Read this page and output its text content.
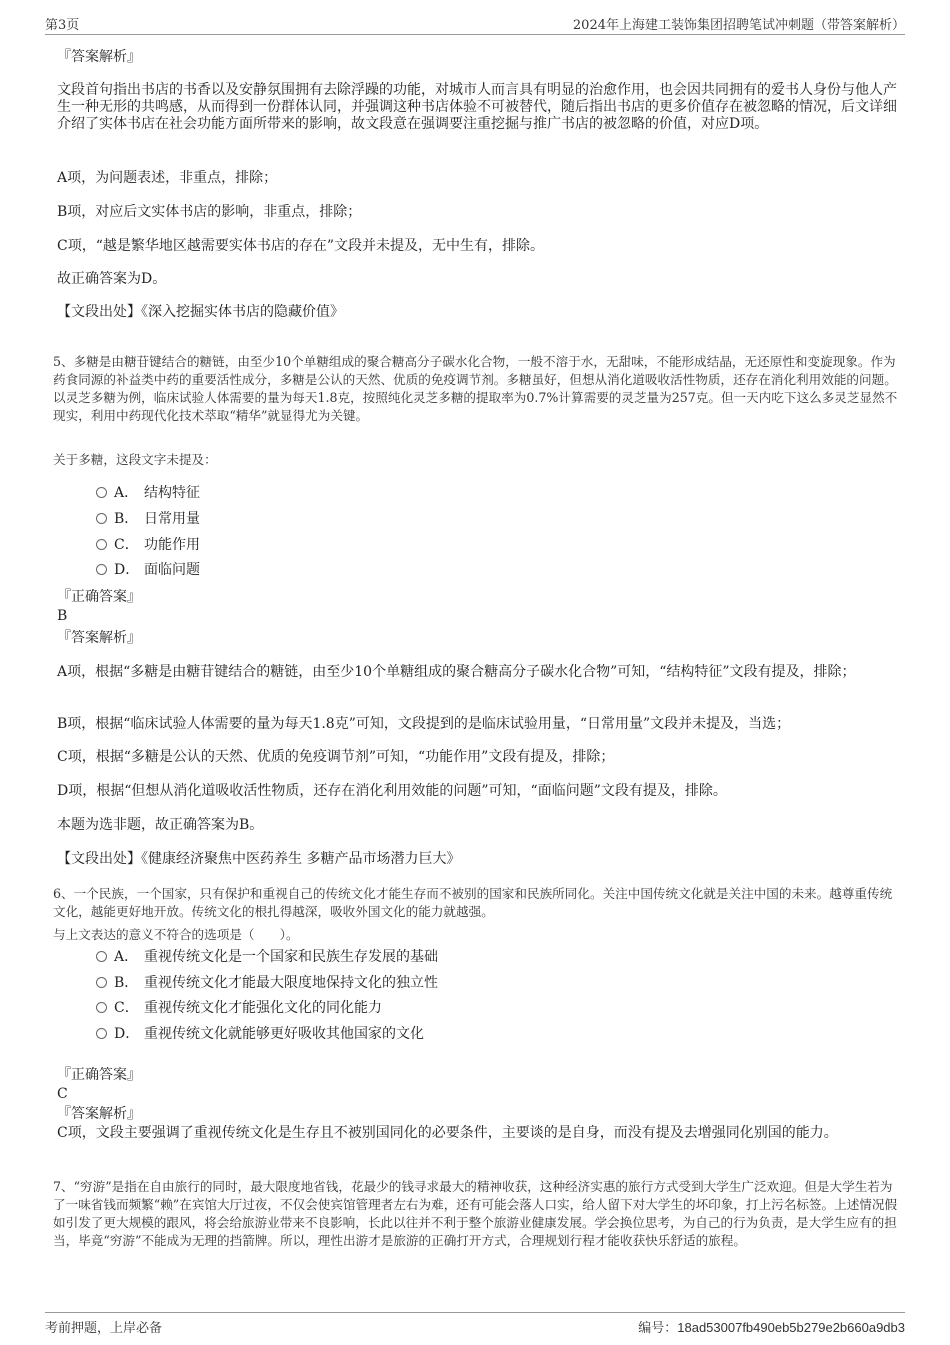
第3页	2024年上海建工装饰集团招聘笔试冲刺题（带答案解析）
『答案解析』
文段首句指出书店的书香以及安静氛围拥有去除浮躁的功能，对城市人而言具有明显的治愈作用，也会因共同拥有的爱书人身份与他人产生一种无形的共鸣感，从而得到一份群体认同，并强调这种书店体验不可被替代，随后指出书店的更多价值存在被忽略的情况，后文详细介绍了实体书店在社会功能方面所带来的影响，故文段意在强调要注重挖掘与推广书店的被忽略的价值，对应D项。
A项，为问题表述，非重点，排除；
B项，对应后文实体书店的影响，非重点，排除；
C项，“越是繁华地区越需要实体书店的存在”文段并未提及，无中生有，排除。
故正确答案为D。
【文段出处】《深入挖掘实体书店的隐藏价值》
5、多糖是由糖苷键结合的糖链，由至少10个单糖组成的聚合糖高分子碳水化合物，一般不溶于水，无甜味，不能形成结晶，无还原性和变旋现象。作为药食同源的补益类中药的重要活性成分，多糖是公认的天然、优质的免疫调节剂。多糖虽好，但想从消化道吸收活性物质，还存在消化利用效能的问题。以灵芝多糖为例，临床试验人体需要的量为每天1.8克，按照纯化灵芝多糖的提取率为0.7%计算需要的灵芝量为257克。但一天内吃下这么多灵芝显然不现实，利用中药现代化技术萃取“精华”就显得尤为关键。
关于多糖，这段文字未提及：
A． 结构特征
B． 日常用量
C． 功能作用
D． 面临问题
『正确答案』
B
『答案解析』
A项，根据“多糖是由糖苷键结合的糖链，由至少10个单糖组成的聚合糖高分子碳水化合物”可知，“结构特征”文段有提及，排除；
B项，根据“临床试验人体需要的量为每天1.8克”可知，文段提到的是临床试验用量，“日常用量”文段并未提及，当选；
C项，根据“多糖是公认的天然、优质的免疫调节剂”可知，“功能作用”文段有提及，排除；
D项，根据“但想从消化道吸收活性物质，还存在消化利用效能的问题”可知，“面临问题”文段有提及，排除。
本题为选非题，故正确答案为B。
【文段出处】《健康经济聚焦中医药养生 多糖产品市场潜力巨大》
6、一个民族，一个国家，只有保护和重视自己的传统文化才能生存而不被别的国家和民族所同化。关注中国传统文化就是关注中国的未来。越尊重传统文化，越能更好地开放。传统文化的根扎得越深，吸收外国文化的能力就越强。
与上文表达的意义不符合的选项是（　　）。
A． 重视传统文化是一个国家和民族生存发展的基础
B． 重视传统文化才能最大限度地保持文化的独立性
C． 重视传统文化才能强化文化的同化能力
D． 重视传统文化就能够更好吸收其他国家的文化
『正确答案』
C
『答案解析』
C项，文段主要强调了重视传统文化是生存且不被别国同化的必要条件，主要谈的是自身，而没有提及去增强同化别国的能力。
7、“穷游”是指在自由旅行的同时，最大限度地省钱，花最少的钱寻求最大的精神收获，这种经济实惠的旅行方式受到大学生广泛欢迎。但是大学生若为了一味省钱而频繁“赖”在宾馆大厅过夜，不仅会使宾馆管理者左右为难，还有可能会落人口实，给人留下对大学生的坏印象，打上污名标签。上述情况假如引发了更大规模的跟风，将会给旅游业带来不良影响，长此以往并不利于整个旅游业健康发展。学会换位思考，为自己的行为负责，是大学生应有的担当，毕竟“穷游”不能成为无理的挡箭牌。所以，理性出游才是旅游的正确打开方式，合理规划行程才能收获快乐舒适的旅程。
考前押题，上岸必备	编号：18ad53007fb490eb5b279e2b660a9db3
